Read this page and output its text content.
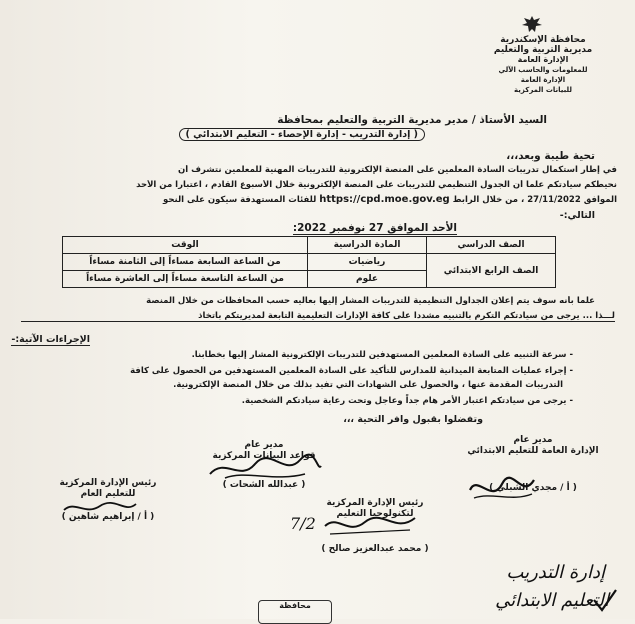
محافظة الإسكندرية
مديرية التربية والتعليم
الإدارة العامة
للمعلومات والحاسب الآلي
الإدارة العامة
للبيانات المركزية
السيد الأستاذ / مدير مديرية التربية والتعليم بمحافظة
( إدارة التدريب - إدارة الإحصاء - التعليم الابتدائي )
تحية طيبة وبعد،،،
في إطار استكمال تدريبات السادة المعلمين على المنصة الإلكترونية للتدريبات المهنية للمعلمين نتشرف أن
نحيطكم سيادتكم علماً أن الجدول التنظيمي للتدريبات على المنصة الإلكترونية خلال الأسبوع القادم ، اعتباراً من الأحد
الموافق 27/11/2022 ، من خلال الرابط https://cpd.moe.gov.eg للفئات المستهدفة سيكون على النحو
التالي:-
الأحد الموافق 27 نوفمبر 2022:
الصف الدراسي	المادة الدراسية	الوقت
الصف الرابع الابتدائي	رياضيات	من الساعة السابعة مساءاً إلى الثامنة مساءاً
	علوم	من الساعة التاسعة مساءاً إلى العاشرة مساءاً
علماً بأنه سوف يتم إعلان الجداول التنظيمية للتدريبات المشار إليها بعاليه حسب المحافظات من خلال المنصة
لـــذا ... يرجى من سيادتكم التكرم بالتنبيه مشدداً على كافة الإدارات التعليمية التابعة لمديريتكم باتخاذ
الإجراءات الآتية:-
- سرعة التنبيه على السادة المعلمين المستهدفين للتدريبات الإلكترونية المشار إليها بخطابنا.
- إجراء عمليات المتابعة الميدانية للمدارس للتأكيد على السادة المعلمين المستهدفين من الحصول على كافة
التدريبات المقدمة عنها ، والحصول على الشهادات التي تفيد بذلك من خلال المنصة الإلكترونية.
- يرجى من سيادتكم اعتبار الأمر هام جداً وعاجل وتحت رعاية سيادتكم الشخصية.
وتفضلوا بقبول وافر التحية ،،،
مدير عام
قواعد البيانات المركزية
( عبدالله الشحات )
مدير عام
الإدارة العامة للتعليم الابتدائي
( أ / مجدي الشبلي )
رئيس الإدارة المركزية
للتعليم العام
( أ / إبراهيم شاهين )
رئيس الإدارة المركزية
لتكنولوجيا التعليم
( محمد عبدالعزيز صالح )
7/2
إدارة التدريب
التعليم الابتدائي
محافظة
